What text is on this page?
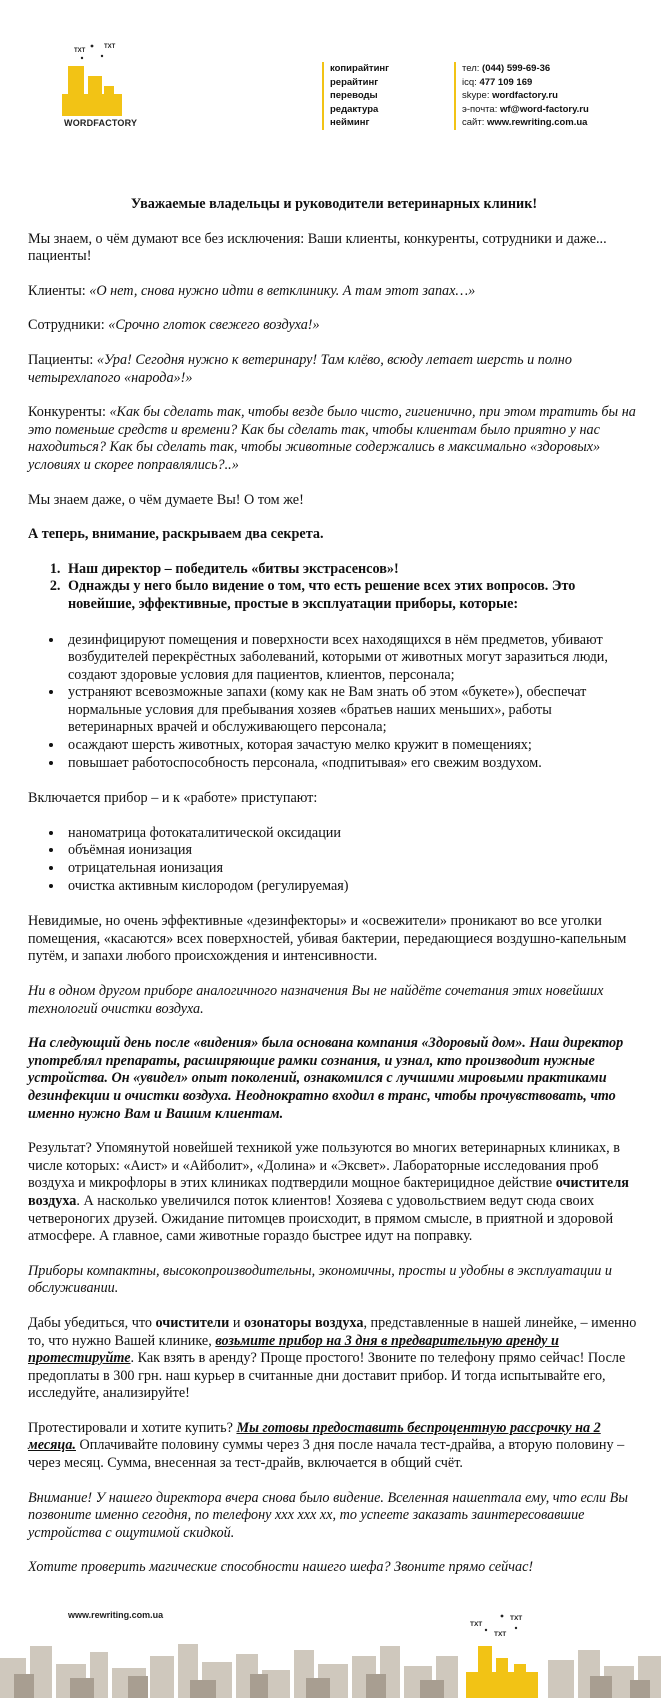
TXT
TXT
WORDFACTORY
копирайтинг
рерайтинг
переводы
редактура
нейминг
тел: (044) 599-69-36
icq: 477 109 169
skype: wordfactory.ru
э-почта: wf@word-factory.ru
сайт: www.rewriting.com.ua

Уважаемые владельцы и руководители ветеринарных клиник!

Мы знаем, о чём думают все без исключения: Ваши клиенты, конкуренты, сотрудники и даже... пациенты!

Клиенты: «О нет, снова нужно идти в ветклинику. А там этот запах…»

Сотрудники: «Срочно глоток свежего воздуха!»

Пациенты: «Ура! Сегодня нужно к ветеринару! Там клёво, всюду летает шерсть и полно четырехлапого «народа»!»

Конкуренты: «Как бы сделать так, чтобы везде было чисто, гигиенично, при этом тратить бы на это поменьше средств и времени? Как бы сделать так, чтобы клиентам было приятно у нас находиться? Как бы сделать так, чтобы животные содержались в максимально «здоровых» условиях и скорее поправлялись?..»

Мы знаем даже, о чём думаете Вы! О том же!

А теперь, внимание, раскрываем два секрета.

1. Наш директор – победитель «битвы экстрасенсов»!
2. Однажды у него было видение о том, что есть решение всех этих вопросов. Это новейшие, эффективные, простые в эксплуатации приборы, которые:
• дезинфицируют помещения и поверхности всех находящихся в нём предметов, убивают возбудителей перекрёстных заболеваний, которыми от животных могут заразиться люди, создают здоровые условия для пациентов, клиентов, персонала;
• устраняют всевозможные запахи (кому как не Вам знать об этом «букете»), обеспечат нормальные условия для пребывания хозяев «братьев наших меньших», работы ветеринарных врачей и обслуживающего персонала;
• осаждают шерсть животных, которая зачастую мелко кружит в помещениях;
• повышает работоспособность персонала, «подпитывая» его свежим воздухом.

Включается прибор – и к «работе» приступают:

• наноматрица фотокаталитической оксидации
• объёмная ионизация
• отрицательная ионизация
• очистка активным кислородом (регулируемая)

Невидимые, но очень эффективные «дезинфекторы» и «освежители» проникают во все уголки помещения, «касаются» всех поверхностей, убивая бактерии, передающиеся воздушно-капельным путём, и запахи любого происхождения и интенсивности.

Ни в одном другом приборе аналогичного назначения Вы не найдёте сочетания этих новейших технологий очистки воздуха.

На следующий день после «видения» была основана компания «Здоровый дом». Наш директор употреблял препараты, расширяющие рамки сознания, и узнал, кто производит нужные устройства. Он «увидел» опыт поколений, ознакомился с лучшими мировыми практиками дезинфекции и очистки воздуха. Неоднократно входил в транс, чтобы прочувствовать, что именно нужно Вам и Вашим клиентам.

Результат? Упомянутой новейшей техникой уже пользуются во многих ветеринарных клиниках, в числе которых: «Аист» и «Айболит», «Долина» и «Эксвет». Лабораторные исследования проб воздуха и микрофлоры в этих клиниках подтвердили мощное бактерицидное действие очистителя воздуха. А насколько увеличился поток клиентов! Хозяева с удовольствием ведут сюда своих четвероногих друзей. Ожидание питомцев происходит, в прямом смысле, в приятной и здоровой атмосфере. А главное, сами животные гораздо быстрее идут на поправку.

Приборы компактны, высокопроизводительны, экономичны, просты и удобны в эксплуатации и обслуживании.

Дабы убедиться, что очистители и озонаторы воздуха, представленные в нашей линейке, – именно то, что нужно Вашей клинике, возьмите прибор на 3 дня в предварительную аренду и протестируйте. Как взять в аренду? Проще простого! Звоните по телефону прямо сейчас! После предоплаты в 300 грн. наш курьер в считанные дни доставит прибор. И тогда испытывайте его, исследуйте, анализируйте!

Протестировали и хотите купить? Мы готовы предоставить беспроцентную рассрочку на 2 месяца. Оплачивайте половину суммы через 3 дня после начала тест-драйва, а вторую половину – через месяц. Сумма, внесенная за тест-драйв, включается в общий счёт.

Внимание! У нашего директора вчера снова было видение. Вселенная нашептала ему, что если Вы позвоните именно сегодня, по телефону ххх ххх хх, то успеете заказать заинтересовавшие устройства с ощутимой скидкой.

Хотите проверить магические способности нашего шефа? Звоните прямо сейчас!

TXT
TXT
TXT
www.rewriting.com.ua
